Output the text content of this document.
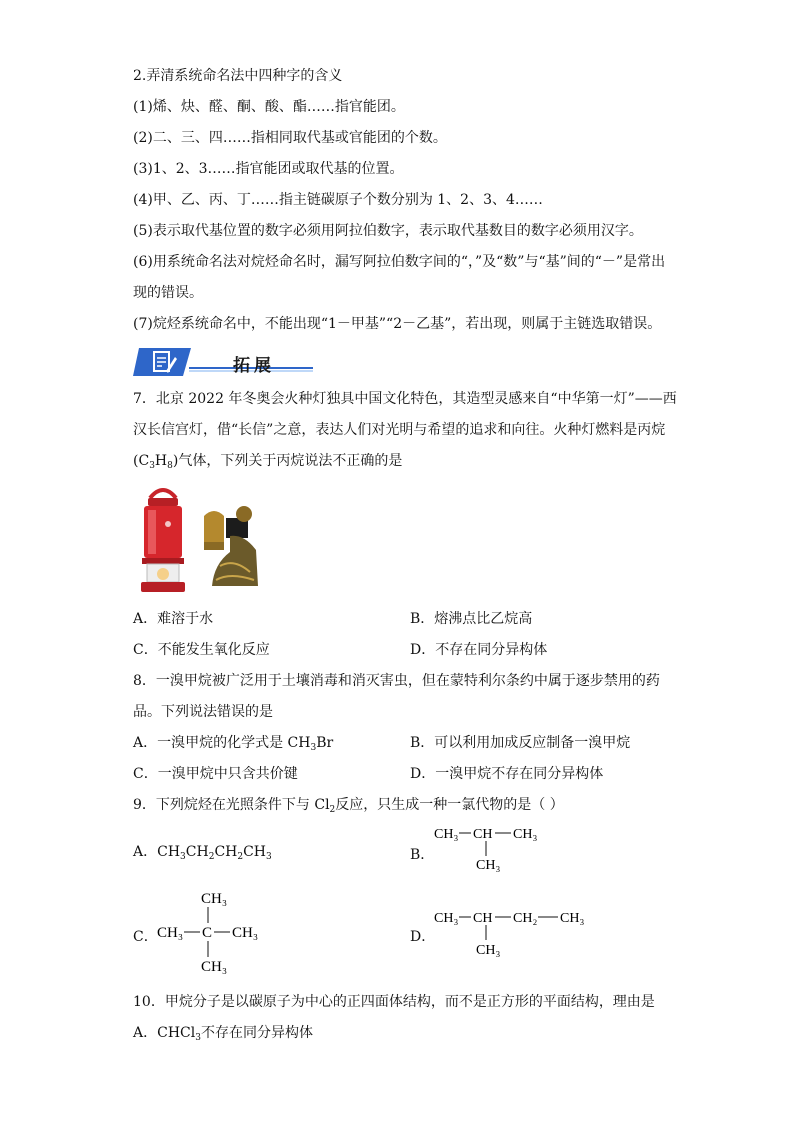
2.弄清系统命名法中四种字的含义
(1)烯、炔、醛、酮、酸、酯……指官能团。
(2)二、三、四……指相同取代基或官能团的个数。
(3)1、2、3……指官能团或取代基的位置。
(4)甲、乙、丙、丁……指主链碳原子个数分别为 1、2、3、4……
(5)表示取代基位置的数字必须用阿拉伯数字，表示取代基数目的数字必须用汉字。
(6)用系统命名法对烷烃命名时，漏写阿拉伯数字间的“，”及“数”与“基”间的“－”是常出
现的错误。
(7)烷烃系统命名中，不能出现“1－甲基”“2－乙基”，若出现，则属于主链选取错误。
拓展
7．北京 2022 年冬奥会火种灯独具中国文化特色，其造型灵感来自“中华第一灯”——西
汉长信宫灯，借“长信”之意，表达人们对光明与希望的追求和向往。火种灯燃料是丙烷
$(C_3H_8)$气体，下列关于丙烷说法不正确的是
A．难溶于水	B．熔沸点比乙烷高
C．不能发生氧化反应	D．不存在同分异构体
8．一溴甲烷被广泛用于土壤消毒和消灭害虫，但在蒙特利尔条约中属于逐步禁用的药
品。下列说法错误的是
A．一溴甲烷的化学式是 $CH_3Br$	B．可以利用加成反应制备一溴甲烷
C．一溴甲烷中只含共价键	D．一溴甲烷不存在同分异构体
9．下列烷烃在光照条件下与 $Cl_2$反应，只生成一种一氯代物的是（ ）
A．$CH_3CH_2CH_2CH_3$	B．
CH₃ CH CH₃
CH₃
C．
CH₃
CH₃ C CH₃
CH₃
D．
CH₃ CH CH₂ CH₃
CH₃
10．甲烷分子是以碳原子为中心的正四面体结构，而不是正方形的平面结构，理由是
A．CHCl$_3$不存在同分异构体
